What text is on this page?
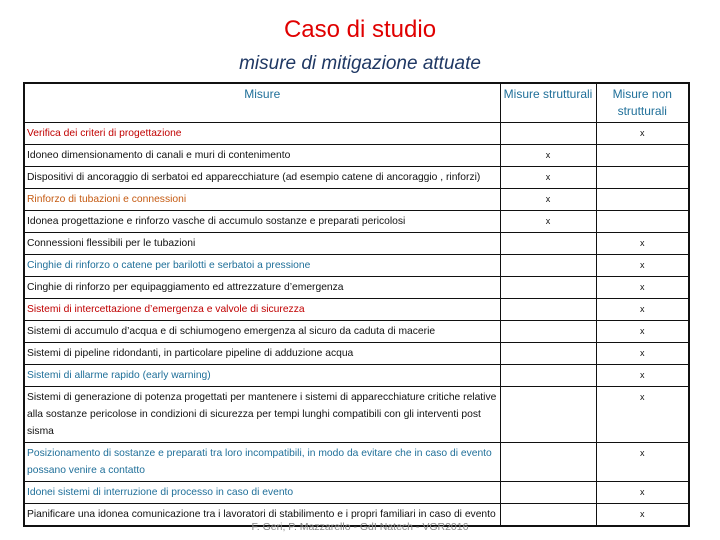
Caso di studio
misure di mitigazione attuate
Misure	Misure strutturali	Misure non strutturali
Verifica dei criteri di progettazione		x
Idoneo dimensionamento di canali e muri di contenimento	x	
Dispositivi di ancoraggio di serbatoi ed apparecchiature (ad esempio catene di ancoraggio , rinforzi)	x	
Rinforzo di tubazioni e connessioni	x	
Idonea progettazione e rinforzo vasche di accumulo sostanze e preparati pericolosi	x	
Connessioni flessibili per le tubazioni		x
Cinghie di rinforzo o catene per barilotti e serbatoi a pressione		x
Cinghie di rinforzo per equipaggiamento ed attrezzature d’emergenza		x
Sistemi di intercettazione d’emergenza e valvole di sicurezza		x
Sistemi di accumulo d’acqua e di schiumogeno emergenza al sicuro da caduta di macerie		x
Sistemi di pipeline ridondanti, in particolare pipeline di adduzione acqua		x
Sistemi di allarme rapido (early warning)		x
Sistemi di generazione di potenza progettati per mantenere i sistemi di apparecchiature critiche relative alla sostanze pericolose in condizioni di sicurezza per tempi lunghi compatibili con gli interventi post sisma		x
Posizionamento di sostanze e preparati tra loro incompatibili, in modo da evitare che in caso di evento possano venire a contatto		x
Idonei sistemi di interruzione di processo in caso di evento		x
Pianificare una idonea comunicazione tra i lavoratori di stabilimento e i propri familiari in caso di evento		x
F. Geri, P. Mazzarello - GdI Natech - VGR2016
